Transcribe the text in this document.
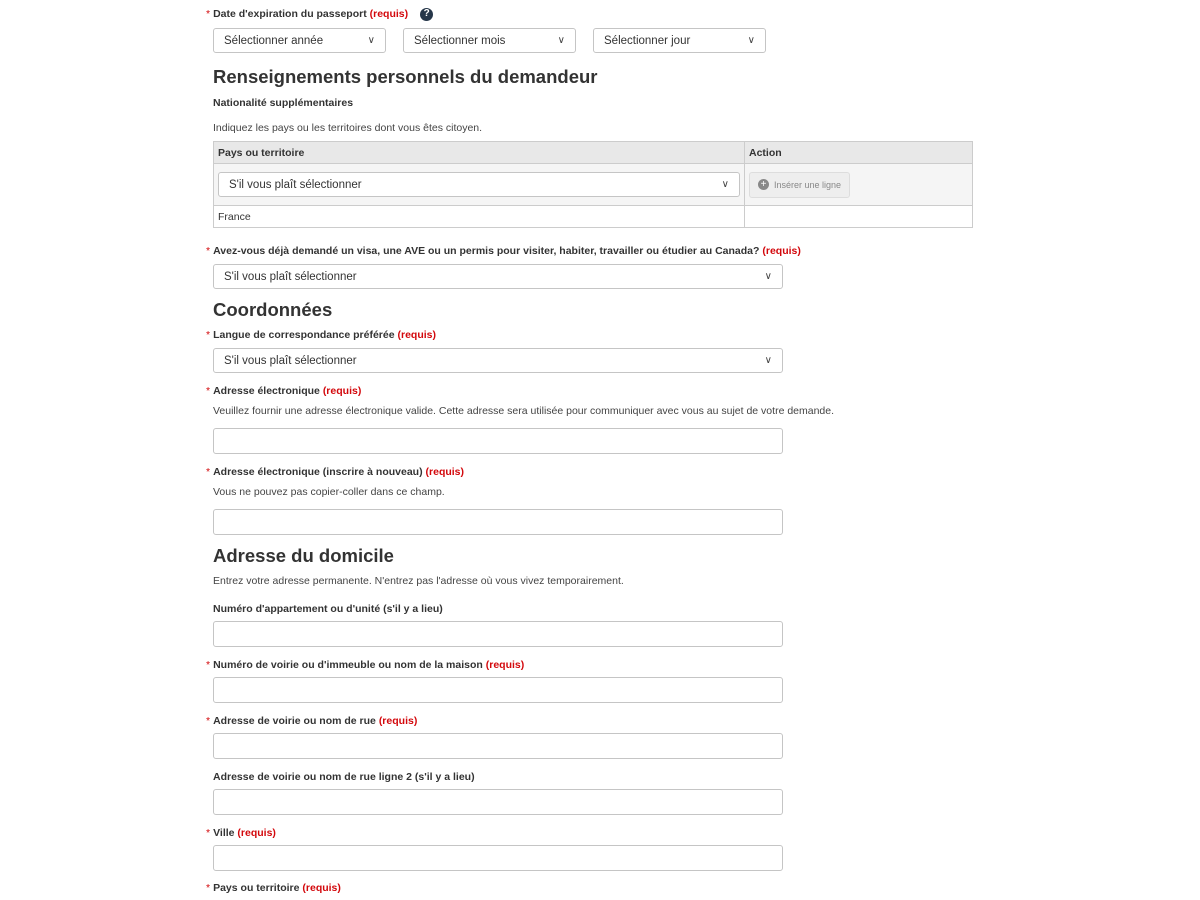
* Date d'expiration du passeport (requis) ?
Sélectionner année	∨	Sélectionner mois	∨	Sélectionner jour	∨
Renseignements personnels du demandeur
Nationalité supplémentaires
Indiquez les pays ou les territoires dont vous êtes citoyen.
Pays ou territoire	Action

S'il vous plaît sélectionner ∨	+ Insérer une ligne

France	
* Avez-vous déjà demandé un visa, une AVE ou un permis pour visiter, habiter, travailler ou étudier au Canada? (requis)
S'il vous plaît sélectionner	∨
Coordonnées
* Langue de correspondance préférée (requis)
S'il vous plaît sélectionner	∨
* Adresse électronique (requis)
Veuillez fournir une adresse électronique valide. Cette adresse sera utilisée pour communiquer avec vous au sujet de votre demande.
* Adresse électronique (inscrire à nouveau) (requis)
Vous ne pouvez pas copier-coller dans ce champ.
Adresse du domicile
Entrez votre adresse permanente. N'entrez pas l'adresse où vous vivez temporairement.
Numéro d'appartement ou d'unité (s'il y a lieu)
* Numéro de voirie ou d'immeuble ou nom de la maison (requis)
* Adresse de voirie ou nom de rue (requis)
Adresse de voirie ou nom de rue ligne 2 (s'il y a lieu)
* Ville (requis)
* Pays ou territoire (requis)
